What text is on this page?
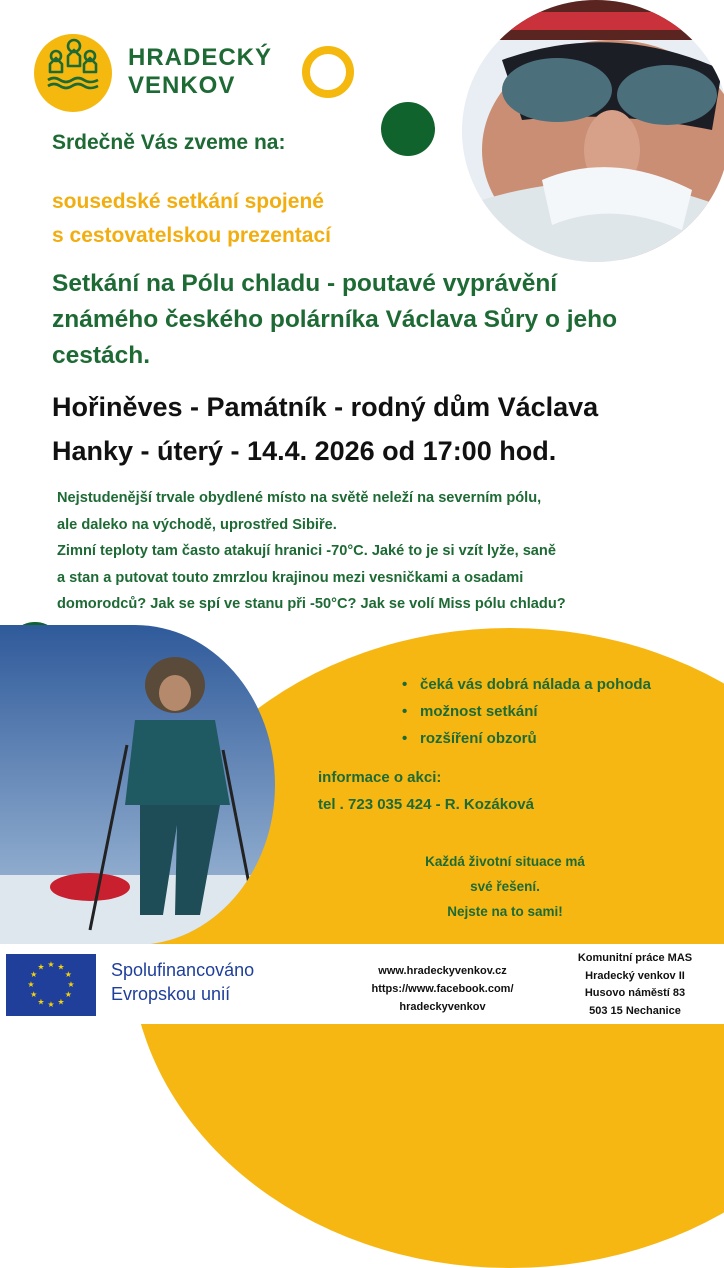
HRADECKÝ
VENKOV
Srdečně Vás zveme na:
sousedské setkání spojené
s cestovatelskou prezentací
Setkání na Pólu chladu - poutavé vyprávění
známého českého polárníka Václava Sůry o jeho
cestách.
Hořiněves - Památník - rodný dům Václava
Hanky - úterý - 14.4. 2026 od 17:00 hod.
Nejstudenější trvale obydlené místo na světě neleží na severním pólu,
ale daleko na východě, uprostřed Sibiře.
Zimní teploty tam často atakují hranici -70°C. Jaké to je si vzít lyže, saně
a stan a putovat touto zmrzlou krajinou mezi vesničkami a osadami
domorodců? Jak se spí ve stanu při -50°C? Jak se volí Miss pólu chladu?
• čeká vás dobrá nálada a pohoda
• možnost setkání
• rozšíření obzorů
informace o akci:
tel . 723 035 424 - R. Kozáková
Každá životní situace má
své řešení.
Nejste na to sami!
★ ★
★
★
★
★
★
★
★
★
★
★	Spolufinancováno
Evropskou unií
www.hradeckyvenkov.cz
https://www.facebook.com/
hradeckyvenkov
Komunitní práce MAS
Hradecký venkov II
Husovo náměstí 83
503 15 Nechanice
